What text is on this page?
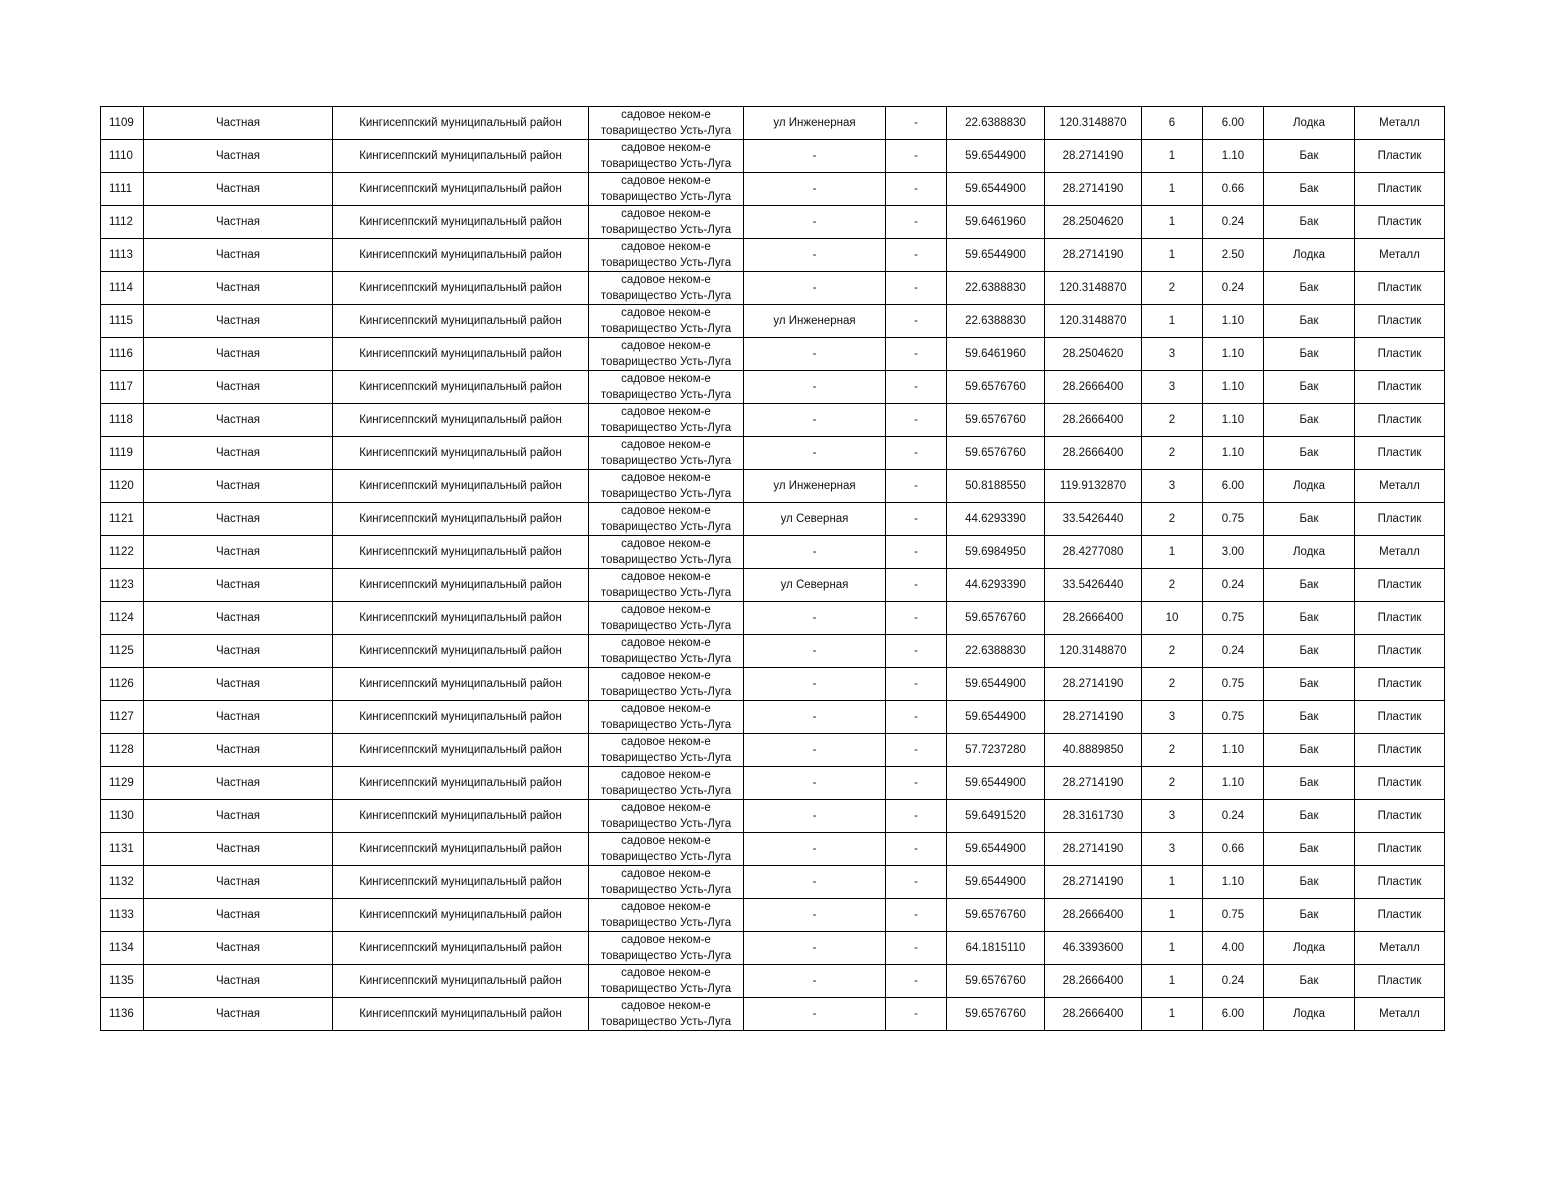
1109	Частная	Кингисеппский муниципальный район	садовое неком-е
товарищество Усть-Луга	ул Инженерная	-	22.6388830	120.3148870	6	6.00	Лодка	Металл
1110	Частная	Кингисеппский муниципальный район	садовое неком-е
товарищество Усть-Луга	-	-	59.6544900	28.2714190	1	1.10	Бак	Пластик
1111	Частная	Кингисеппский муниципальный район	садовое неком-е
товарищество Усть-Луга	-	-	59.6544900	28.2714190	1	0.66	Бак	Пластик
1112	Частная	Кингисеппский муниципальный район	садовое неком-е
товарищество Усть-Луга	-	-	59.6461960	28.2504620	1	0.24	Бак	Пластик
1113	Частная	Кингисеппский муниципальный район	садовое неком-е
товарищество Усть-Луга	-	-	59.6544900	28.2714190	1	2.50	Лодка	Металл
1114	Частная	Кингисеппский муниципальный район	садовое неком-е
товарищество Усть-Луга	-	-	22.6388830	120.3148870	2	0.24	Бак	Пластик
1115	Частная	Кингисеппский муниципальный район	садовое неком-е
товарищество Усть-Луга	ул Инженерная	-	22.6388830	120.3148870	1	1.10	Бак	Пластик
1116	Частная	Кингисеппский муниципальный район	садовое неком-е
товарищество Усть-Луга	-	-	59.6461960	28.2504620	3	1.10	Бак	Пластик
1117	Частная	Кингисеппский муниципальный район	садовое неком-е
товарищество Усть-Луга	-	-	59.6576760	28.2666400	3	1.10	Бак	Пластик
1118	Частная	Кингисеппский муниципальный район	садовое неком-е
товарищество Усть-Луга	-	-	59.6576760	28.2666400	2	1.10	Бак	Пластик
1119	Частная	Кингисеппский муниципальный район	садовое неком-е
товарищество Усть-Луга	-	-	59.6576760	28.2666400	2	1.10	Бак	Пластик
1120	Частная	Кингисеппский муниципальный район	садовое неком-е
товарищество Усть-Луга	ул Инженерная	-	50.8188550	119.9132870	3	6.00	Лодка	Металл
1121	Частная	Кингисеппский муниципальный район	садовое неком-е
товарищество Усть-Луга	ул Северная	-	44.6293390	33.5426440	2	0.75	Бак	Пластик
1122	Частная	Кингисеппский муниципальный район	садовое неком-е
товарищество Усть-Луга	-	-	59.6984950	28.4277080	1	3.00	Лодка	Металл
1123	Частная	Кингисеппский муниципальный район	садовое неком-е
товарищество Усть-Луга	ул Северная	-	44.6293390	33.5426440	2	0.24	Бак	Пластик
1124	Частная	Кингисеппский муниципальный район	садовое неком-е
товарищество Усть-Луга	-	-	59.6576760	28.2666400	10	0.75	Бак	Пластик
1125	Частная	Кингисеппский муниципальный район	садовое неком-е
товарищество Усть-Луга	-	-	22.6388830	120.3148870	2	0.24	Бак	Пластик
1126	Частная	Кингисеппский муниципальный район	садовое неком-е
товарищество Усть-Луга	-	-	59.6544900	28.2714190	2	0.75	Бак	Пластик
1127	Частная	Кингисеппский муниципальный район	садовое неком-е
товарищество Усть-Луга	-	-	59.6544900	28.2714190	3	0.75	Бак	Пластик
1128	Частная	Кингисеппский муниципальный район	садовое неком-е
товарищество Усть-Луга	-	-	57.7237280	40.8889850	2	1.10	Бак	Пластик
1129	Частная	Кингисеппский муниципальный район	садовое неком-е
товарищество Усть-Луга	-	-	59.6544900	28.2714190	2	1.10	Бак	Пластик
1130	Частная	Кингисеппский муниципальный район	садовое неком-е
товарищество Усть-Луга	-	-	59.6491520	28.3161730	3	0.24	Бак	Пластик
1131	Частная	Кингисеппский муниципальный район	садовое неком-е
товарищество Усть-Луга	-	-	59.6544900	28.2714190	3	0.66	Бак	Пластик
1132	Частная	Кингисеппский муниципальный район	садовое неком-е
товарищество Усть-Луга	-	-	59.6544900	28.2714190	1	1.10	Бак	Пластик
1133	Частная	Кингисеппский муниципальный район	садовое неком-е
товарищество Усть-Луга	-	-	59.6576760	28.2666400	1	0.75	Бак	Пластик
1134	Частная	Кингисеппский муниципальный район	садовое неком-е
товарищество Усть-Луга	-	-	64.1815110	46.3393600	1	4.00	Лодка	Металл
1135	Частная	Кингисеппский муниципальный район	садовое неком-е
товарищество Усть-Луга	-	-	59.6576760	28.2666400	1	0.24	Бак	Пластик
1136	Частная	Кингисеппский муниципальный район	садовое неком-е
товарищество Усть-Луга	-	-	59.6576760	28.2666400	1	6.00	Лодка	Металл
